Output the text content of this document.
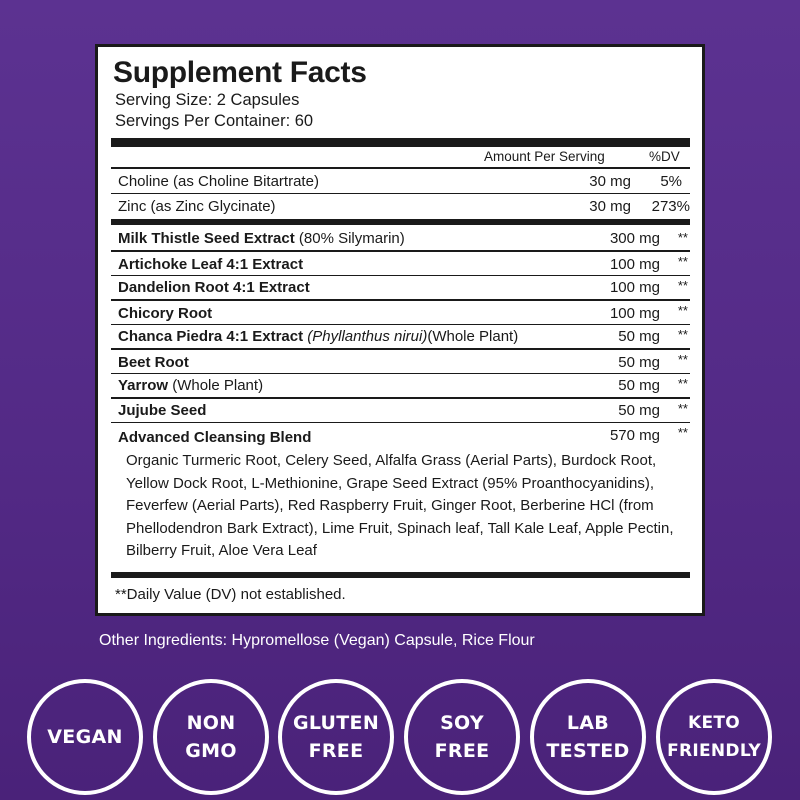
Supplement Facts
Serving Size: 2 Capsules
Servings Per Container: 60
Amount Per Serving	%DV
Choline (as Choline Bitartrate)	30 mg 5%
Zinc (as Zinc Glycinate)	30 mg 273%
Milk Thistle Seed Extract (80% Silymarin)	300 mg **
Artichoke Leaf 4:1 Extract	100 mg **
Dandelion Root 4:1 Extract	100 mg **
Chicory Root	100 mg **
Chanca Piedra 4:1 Extract (Phyllanthus nirui)(Whole Plant)	50 mg **
Beet Root	50 mg **
Yarrow (Whole Plant)	50 mg **
Jujube Seed	50 mg **
Advanced Cleansing Blend	570 mg **
Organic Turmeric Root, Celery Seed, Alfalfa Grass (Aerial Parts), Burdock Root, Yellow Dock Root, L-Methionine, Grape Seed Extract (95% Proanthocyanidins), Feverfew (Aerial Parts), Red Raspberry Fruit, Ginger Root, Berberine HCl (from Phellodendron Bark Extract), Lime Fruit, Spinach leaf, Tall Kale Leaf, Apple Pectin, Bilberry Fruit, Aloe Vera Leaf
**Daily Value (DV) not established.
Other Ingredients: Hypromellose (Vegan) Capsule, Rice Flour
VEGAN
NON
GMO
GLUTEN
FREE
SOY
FREE
LAB
TESTED
KETO
FRIENDLY
